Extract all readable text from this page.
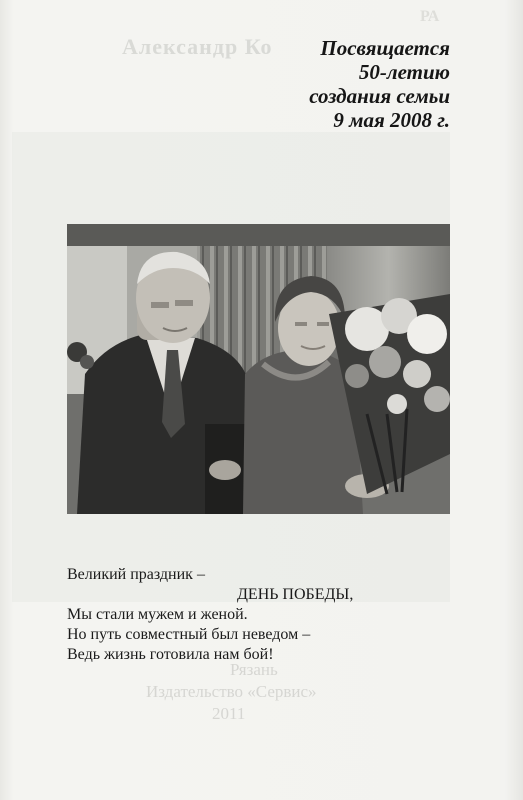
Александр Ко
РА
Рязань
Издательство «Сервис»
2011
Посвящается
50-летию
создания семьи
9 мая 2008 г.
Великий праздник –
ДЕНЬ ПОБЕДЫ,
Мы стали мужем и женой.
Но путь совместный был неведом –
Ведь жизнь готовила нам бой!
